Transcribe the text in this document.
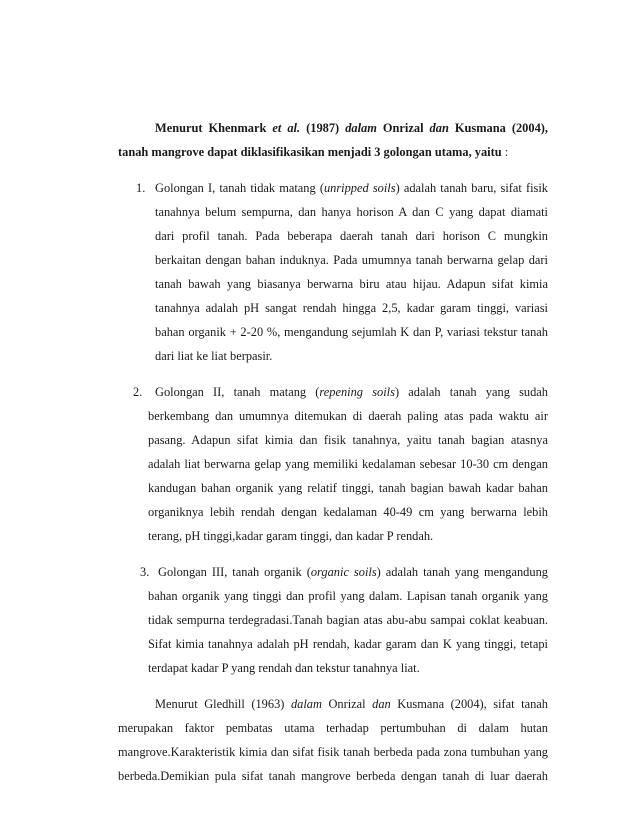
Menurut Khenmark et al. (1987) dalam Onrizal dan Kusmana (2004),
tanah mangrove dapat diklasifikasikan menjadi 3 golongan utama, yaitu :
1. Golongan I, tanah tidak matang (unripped soils) adalah tanah baru, sifat fisik
tanahnya belum sempurna, dan hanya horison A dan C yang dapat diamati
dari profil tanah. Pada beberapa daerah tanah dari horison C mungkin
berkaitan dengan bahan induknya. Pada umumnya tanah berwarna gelap dari
tanah bawah yang biasanya berwarna biru atau hijau. Adapun sifat kimia
tanahnya adalah pH sangat rendah hingga 2,5, kadar garam tinggi, variasi
bahan organik + 2-20 %, mengandung sejumlah K dan P, variasi tekstur tanah
dari liat ke liat berpasir.
2. Golongan II, tanah matang (repening soils) adalah tanah yang sudah
berkembang dan umumnya ditemukan di daerah paling atas pada waktu air
pasang. Adapun sifat kimia dan fisik tanahnya, yaitu tanah bagian atasnya
adalah liat berwarna gelap yang memiliki kedalaman sebesar 10-30 cm dengan
kandugan bahan organik yang relatif tinggi, tanah bagian bawah kadar bahan
organiknya lebih rendah dengan kedalaman 40-49 cm yang berwarna lebih
terang, pH tinggi,kadar garam tinggi, dan kadar P rendah.
3. Golongan III, tanah organik (organic soils) adalah tanah yang mengandung
bahan organik yang tinggi dan profil yang dalam. Lapisan tanah organik yang
tidak sempurna terdegradasi.Tanah bagian atas abu-abu sampai coklat keabuan.
Sifat kimia tanahnya adalah pH rendah, kadar garam dan K yang tinggi, tetapi
terdapat kadar P yang rendah dan tekstur tanahnya liat.
Menurut Gledhill (1963) dalam Onrizal dan Kusmana (2004), sifat tanah
merupakan faktor pembatas utama terhadap pertumbuhan di dalam hutan
mangrove.Karakteristik kimia dan sifat fisik tanah berbeda pada zona tumbuhan yang
berbeda.Demikian pula sifat tanah mangrove berbeda dengan tanah di luar daerah
